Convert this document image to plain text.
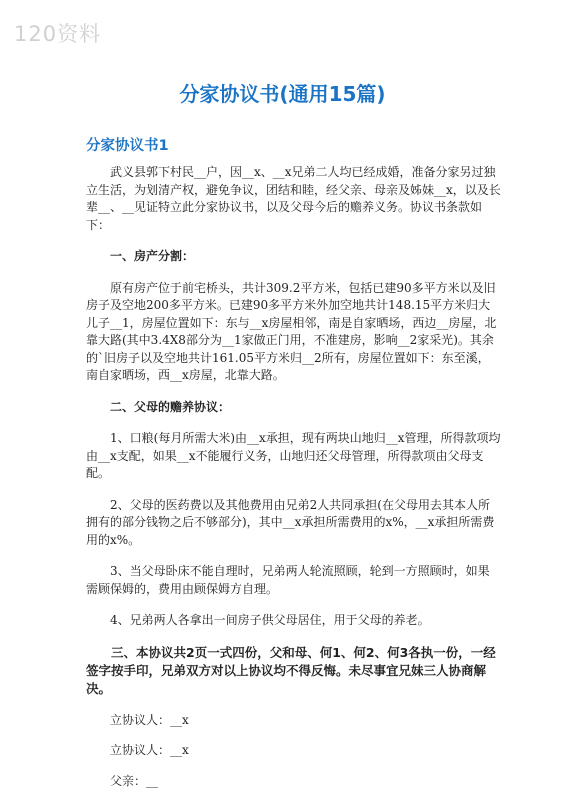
120资料
分家协议书(通用15篇)
分家协议书1

武义县郭下村民__户，因__x、__x兄弟二人均已经成婚，准备分家另过独立生活，为划清产权，避免争议，团结和睦，经父亲、母亲及姊妹__x，以及长辈__、__见证特立此分家协议书，以及父母今后的赡养义务。协议书条款如下：

一、房产分割：

原有房产位于前宅桥头，共计309.2平方米，包括已建90多平方米以及旧房子及空地200多平方米。已建90多平方米外加空地共计148.15平方米归大儿子__1，房屋位置如下：东与__x房屋相邻，南是自家晒场，西边__房屋，北靠大路(其中3.4X8部分为__1家做正门用，不准建房，影响__2家采光)。其余的`旧房子以及空地共计161.05平方米归__2所有，房屋位置如下：东至溪，南自家晒场，西__x房屋，北靠大路。

二、父母的赡养协议：

1、口粮(每月所需大米)由__x承担，现有两块山地归__x管理，所得款项均由__x支配，如果__x不能履行义务，山地归还父母管理，所得款项由父母支配。

2、父母的医药费以及其他费用由兄弟2人共同承担(在父母用去其本人所拥有的部分钱物之后不够部分)，其中__x承担所需费用的x%，__x承担所需费用的x%。

3、当父母卧床不能自理时，兄弟两人轮流照顾，轮到一方照顾时，如果需顾保姆的，费用由顾保姆方自理。

4、兄弟两人各拿出一间房子供父母居住，用于父母的养老。

三、本协议共2页一式四份，父和母、何1、何2、何3各执一份，一经签字按手印，兄弟双方对以上协议均不得反悔。未尽事宜兄妹三人协商解决。

立协议人：__x

立协议人：__x

父亲：__
